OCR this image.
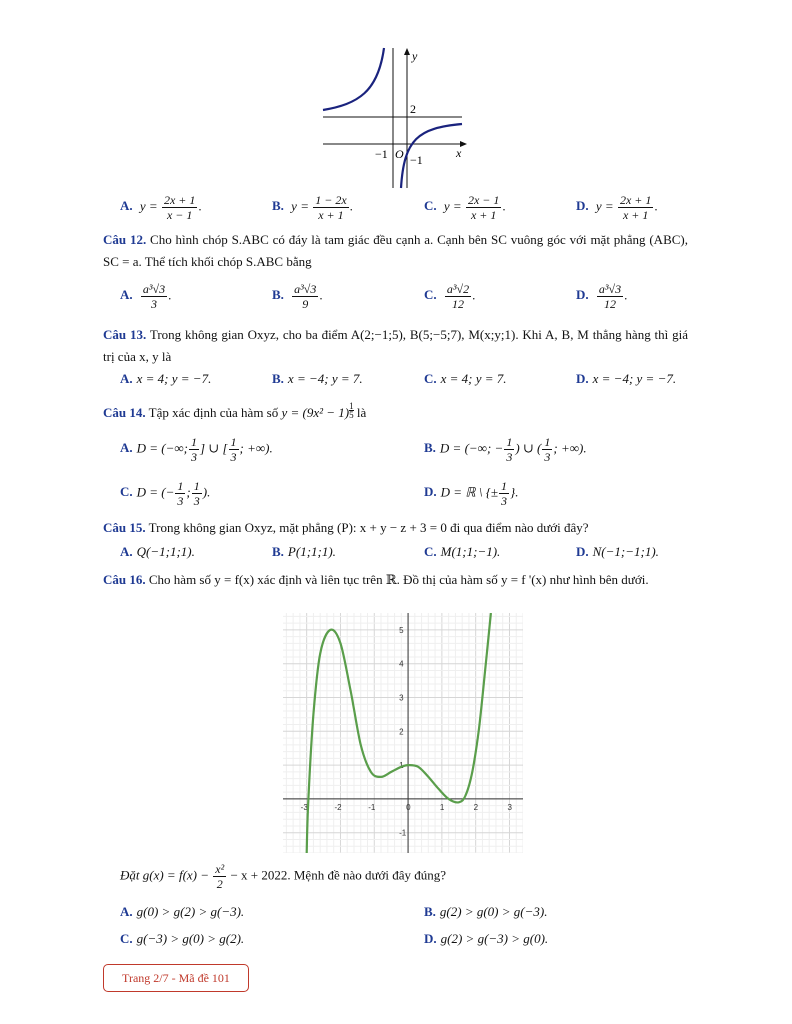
y
x
2
−1 O −1
A. $y = \frac{2x + 1}{x - 1}$ .	B. $y = \frac{1 - 2x}{x + 1}$ .	C. $y = \frac{2x - 1}{x + 1}$ .	D. $y = \frac{2x + 1}{x + 1}$ .
Câu 12. Cho hình chóp S.ABC có đáy là tam giác đều cạnh a. Cạnh bên SC vuông góc với mặt phẳng (ABC), SC = a. Thể tích khối chóp S.ABC bằng
A. $\frac{\text{a³√3}}{3}$ .	B. $\frac{\text{a³√3}}{9}$ .	C. $\frac{\text{a³√2}}{12}$ .	D. $\frac{\text{a³√3}}{12}$ .
Câu 13. Trong không gian Oxyz, cho ba điểm A(2;−1;5), B(5;−5;7), M(x;y;1). Khi A, B, M thẳng hàng thì giá trị của x, y là
A. x = 4; y = −7.	B. x = −4; y = 7.	C. x = 4; y = 7.	D. x = −4; y = −7.
Câu 14. Tập xác định của hàm số y = (9x² − 1) $^{\frac{1}{5}}$ là
A. D = (−∞; $\frac{1}{3}$ ] ∪ [ $\frac{1}{3}$ ; +∞).	B. D = (−∞; − $\frac{1}{3}$ ) ∪ ( $\frac{1}{3}$ ; +∞).
C. D = (− $\frac{1}{3}$ ; $\frac{1}{3}$ ).	D. D = ℝ \ {± $\frac{1}{3}$ }.
Câu 15. Trong không gian Oxyz, mặt phẳng (P): x + y − z + 3 = 0 đi qua điểm nào dưới đây?
A. Q(−1;1;1).	B. P(1;1;1).	C. M(1;1;−1).	D. N(−1;−1;1).
Câu 16. Cho hàm số y = f(x) xác định và liên tục trên ℝ. Đồ thị của hàm số y = f '(x) như hình bên dưới.
-3	-2	-1	0	1	2	3
-1
1
2
3
4
5
Đặt $g(x) = f(x) - \frac{\text{x²}}{2} - x + 2022$. Mệnh đề nào dưới đây đúng?
A. g(0) > g(2) > g(−3).	B. g(2) > g(0) > g(−3).
C. g(−3) > g(0) > g(2).	D. g(2) > g(−3) > g(0).
Trang 2/7 - Mã đề 101
